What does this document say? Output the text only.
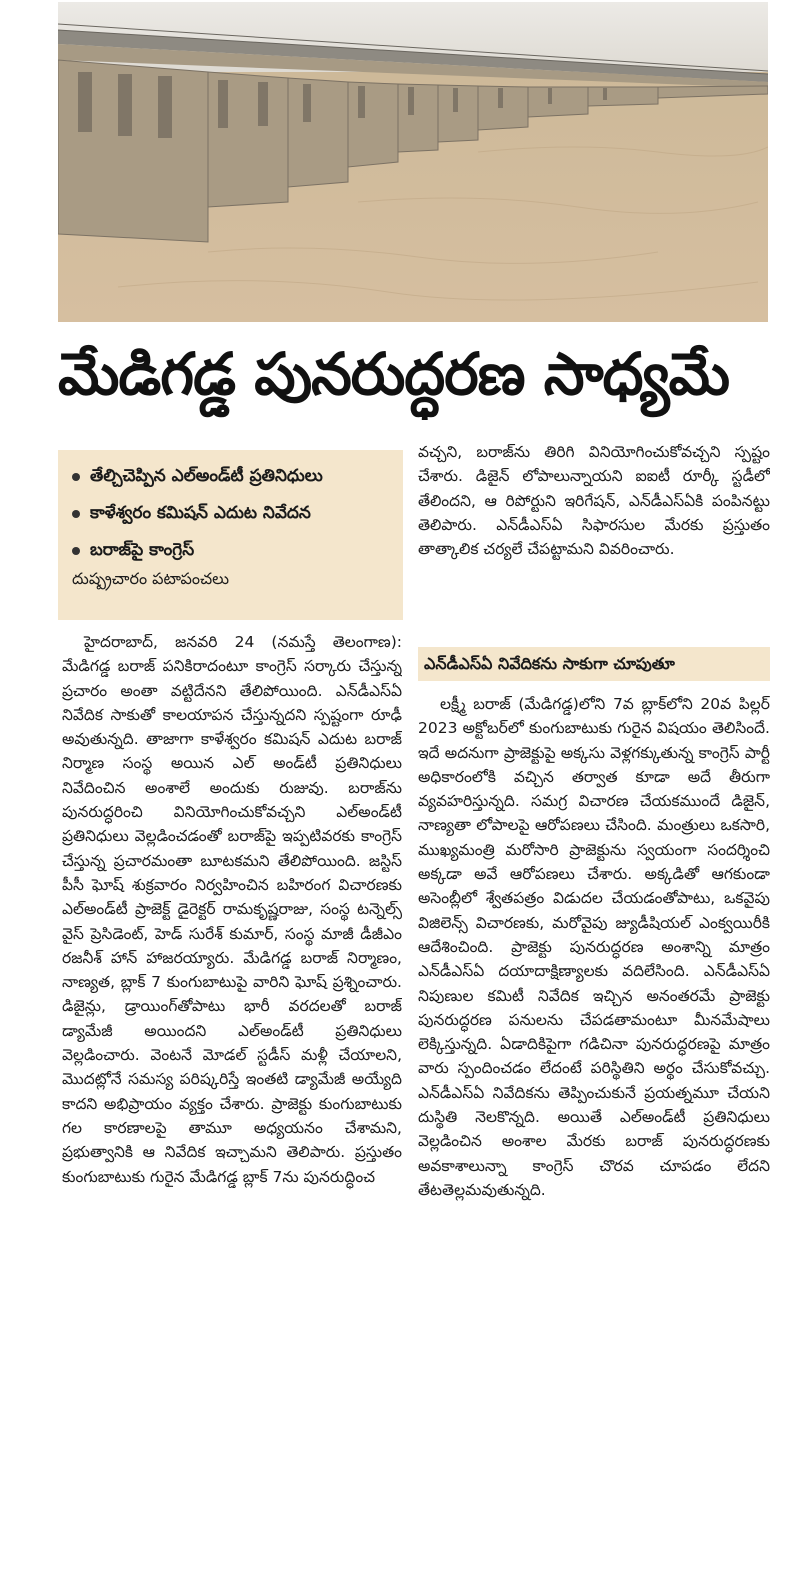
మేడిగడ్డ పునరుద్ధరణ సాధ్యమే
తేల్చిచెప్పిన ఎల్‌అండ్‌టీ ప్రతినిధులు
కాళేశ్వరం కమిషన్ ఎదుట నివేదన
బరాజ్‌పై కాంగ్రెస్
దుష్ప్రచారం పటాపంచలు

హైదరాబాద్, జనవరి 24 (నమస్తే తెలంగాణ): మేడిగడ్డ బరాజ్ పనికిరాదంటూ కాంగ్రెస్ సర్కారు చేస్తున్న ప్రచారం అంతా వట్టిదేనని తేలిపోయింది. ఎన్‌డీఎస్‌ఏ నివేదిక సాకుతో కాలయాపన చేస్తున్నదని స్పష్టంగా రూఢీ అవుతున్నది. తాజాగా కాళేశ్వరం కమిషన్ ఎదుట బరాజ్ నిర్మాణ సంస్థ అయిన ఎల్ అండ్‌టీ ప్రతినిధులు నివేదించిన అంశాలే అందుకు రుజువు. బరాజ్‌ను పునరుద్ధరించి వినియోగించుకోవచ్చని ఎల్‌అండ్‌టీ ప్రతినిధులు వెల్లడించడంతో బరాజ్‌పై ఇప్పటివరకు కాంగ్రెస్ చేస్తున్న ప్రచారమంతా బూటకమని తేలిపోయింది. జస్టిస్ పీసీ ఘోష్ శుక్రవారం నిర్వహించిన బహిరంగ విచారణకు ఎల్‌అండ్‌టీ ప్రాజెక్ట్ డైరెక్టర్ రామకృష్ణరాజు, సంస్థ టన్నెల్స్ వైస్ ప్రెసిడెంట్, హెడ్ సురేశ్ కుమార్, సంస్థ మాజీ డీజీఎం రజనీశ్ హాన్ హాజరయ్యారు. మేడిగడ్డ బరాజ్ నిర్మాణం, నాణ్యత, బ్లాక్ 7 కుంగుబాటుపై వారిని ఘోష్ ప్రశ్నించారు. డిజైన్లు, డ్రాయింగ్‌తోపాటు భారీ వరదలతో బరాజ్ డ్యామేజీ అయిందని ఎల్‌అండ్‌టీ ప్రతినిధులు వెల్లడించారు. వెంటనే మోడల్ స్టడీస్ మళ్లీ చేయాలని, మొదట్లోనే సమస్య పరిష్కరిస్తే ఇంతటి డ్యామేజీ అయ్యేది కాదని అభిప్రాయం వ్యక్తం చేశారు. ప్రాజెక్టు కుంగుబాటుకు గల కారణాలపై తామూ అధ్యయనం చేశామని, ప్రభుత్వానికి ఆ నివేదిక ఇచ్చామని తెలిపారు. ప్రస్తుతం కుంగుబాటుకు గురైన మేడిగడ్డ బ్లాక్ 7ను పునరుద్ధించ

వచ్చని, బరాజ్‌ను తిరిగి వినియోగించుకోవచ్చని స్పష్టం చేశారు. డిజైన్ లోపాలున్నాయని ఐఐటీ రూర్కీ స్టడీలో తేలిందని, ఆ రిపోర్టుని ఇరిగేషన్, ఎన్‌డీఎస్‌ఏకి పంపినట్టు తెలిపారు. ఎన్‌డీఎస్‌ఏ సిఫారసుల మేరకు ప్రస్తుతం తాత్కాలిక చర్యలే చేపట్టామని వివరించారు.

ఎన్‌డీఎస్‌ఏ నివేదికను సాకుగా చూపుతూ

లక్ష్మీ బరాజ్ (మేడిగడ్డ)లోని 7వ బ్లాక్‌లోని 20వ పిల్లర్ 2023 అక్టోబర్‌లో కుంగుబాటుకు గురైన విషయం తెలిసిందే. ఇదే అదనుగా ప్రాజెక్టుపై అక్కసు వెళ్లగక్కుతున్న కాంగ్రెస్ పార్టీ అధికారంలోకి వచ్చిన తర్వాత కూడా అదే తీరుగా వ్యవహరిస్తున్నది. సమగ్ర విచారణ చేయకముందే డిజైన్, నాణ్యతా లోపాలపై ఆరోపణలు చేసింది. మంత్రులు ఒకసారి, ముఖ్యమంత్రి మరోసారి ప్రాజెక్టును స్వయంగా సందర్శించి అక్కడా అవే ఆరోపణలు చేశారు. అక్కడితో ఆగకుండా అసెంబ్లీలో శ్వేతపత్రం విడుదల చేయడంతోపాటు, ఒకవైపు విజిలెన్స్ విచారణకు, మరోవైపు జ్యుడీషియల్ ఎంక్వయిరీకి ఆదేశించింది. ప్రాజెక్టు పునరుద్ధరణ అంశాన్ని మాత్రం ఎన్‌డీఎస్‌ఏ దయాదాక్షిణ్యాలకు వదిలేసింది. ఎన్‌డీఎస్‌ఏ నిపుణుల కమిటీ నివేదిక ఇచ్చిన అనంతరమే ప్రాజెక్టు పునరుద్ధరణ పనులను చేపడతామంటూ మీనమేషాలు లెక్కిస్తున్నది. ఏడాదికిపైగా గడిచినా పునరుద్ధరణపై మాత్రం వారు స్పందించడం లేదంటే పరిస్థితిని అర్థం చేసుకోవచ్చు. ఎన్‌డీఎస్‌ఏ నివేదికను తెప్పించుకునే ప్రయత్నమూ చేయని దుస్థితి నెలకొన్నది. అయితే ఎల్‌అండ్‌టీ ప్రతినిధులు వెల్లడించిన అంశాల మేరకు బరాజ్ పునరుద్ధరణకు అవకాశాలున్నా కాంగ్రెస్ చొరవ చూపడం లేదని తేటతెల్లమవుతున్నది.
